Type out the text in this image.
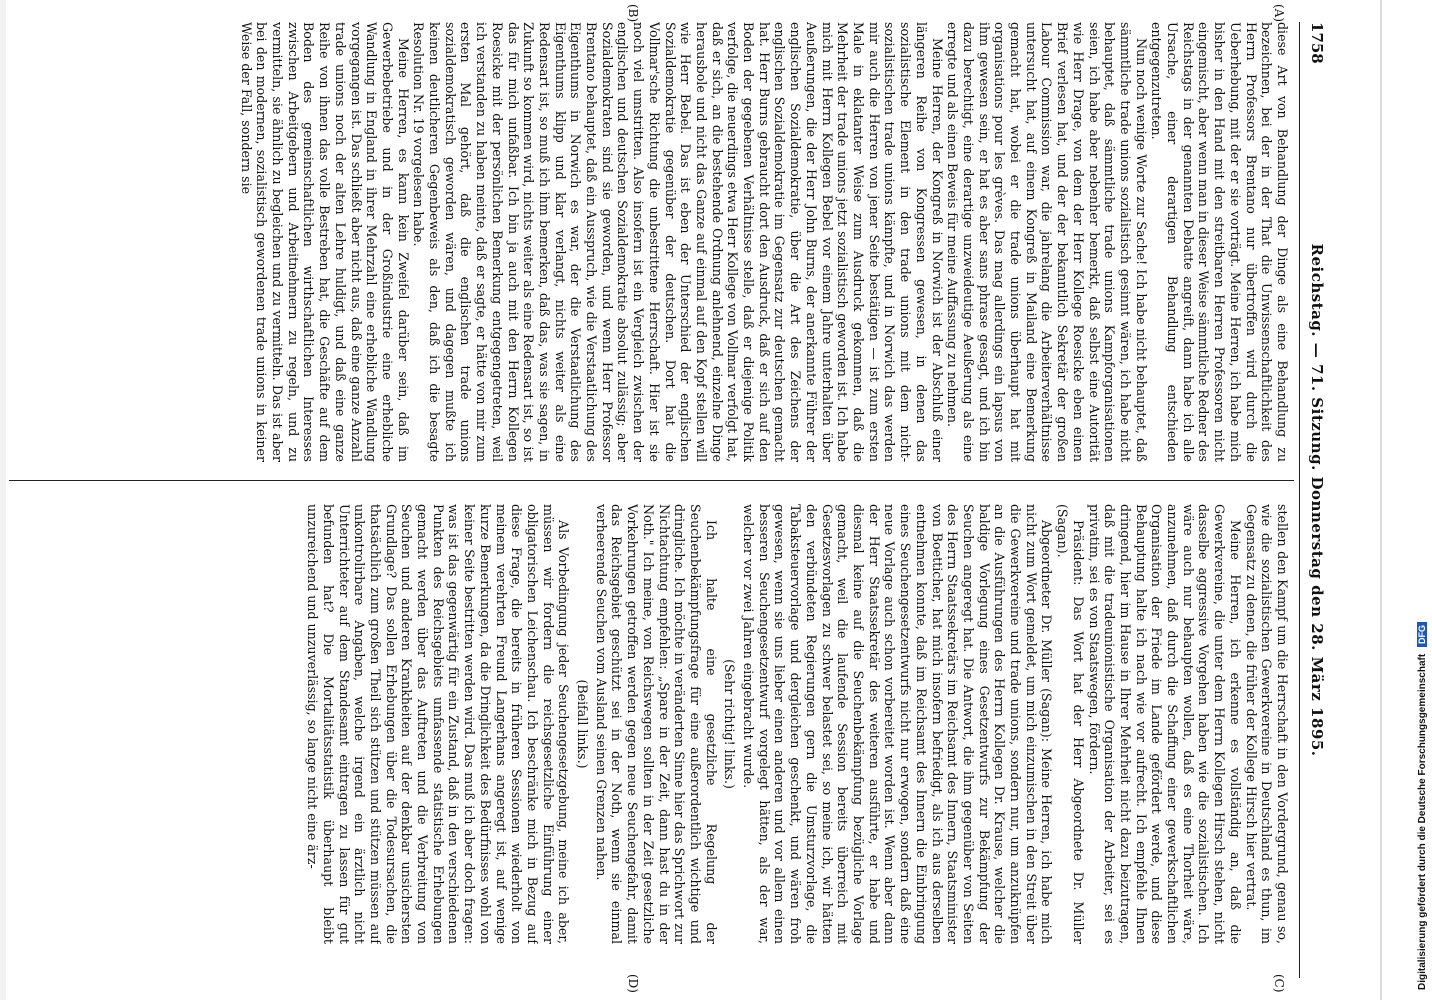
1758
Reichstag. — 71. Sitzung. Donnerstag den 28. März 1895.
(A)
(B)
(C)
(D)

diese Art von Behandlung der Dinge als eine Behandlung zu bezeichnen, bei der in der That die Unwissenschaftlichkeit des Herrn Professors Brentano nur übertroffen wird durch die Ueberhebung, mit der er sie vorträgt. Meine Herren, ich habe mich bisher in den Hand mit den streitbaren Herren Professoren nicht eingemischt, aber wenn man in dieser Weise sämmtliche Redner des Reichstags in der genannten Debatte angreift, dann habe ich alle Ursache, einer derartigen Behandlung entschieden entgegenzutreten.

Nun noch wenige Worte zur Sache! Ich habe nicht behauptet, daß sämmtliche trade unions sozialistisch gesinnt wären, ich habe nicht behauptet, daß sämmtliche trade unions Kampforganisationen seien, ich habe aber nebenher bemerkt, daß selbst eine Autorität wie Herr Drage, von dem der Herr Kollege Roesicke eben einen Brief verlesen hat, und der der bekanntlich Sekretär der großen Labour Commission war, die jahrelang die Arbeiterverhältnisse untersucht hat, auf einem Kongreß in Mailand eine Bemerkung gemacht hat, wobei er die trade unions überhaupt hat mit organisations pour les grèves. Das mag allerdings ein lapsus von ihm gewesen sein, er hat es aber sans phrase gesagt, und ich bin dazu berechtigt, eine derartige unzweideutige Aeußerung als eine erregte und als einen Beweis für meine Auffassung zu nehmen.

Meine Herren, der Kongreß in Norwich ist der Abschluß einer längeren Reihe von Kongressen gewesen, in denen das sozialistische Element in den trade unions mit dem nicht-sozialistischen trade unions kämpfte, und in Norwich das werden mir auch die Herren von jener Seite bestätigen — ist zum ersten Male in eklatanter Weise zum Ausdruck gekommen, daß die Mehrheit der trade unions jetzt sozialistisch geworden ist. Ich habe mich mit Herrn Kollegen Bebel vor einem Jahre unterhalten über Aeußerungen, die der Herr John Burns, der anerkannte Führer der englischen Sozialdemokratie, über die Art des Zeichens der englischen Sozialdemokratie im Gegensatz zur deutschen gemacht hat. Herr Burns gebraucht dort den Ausdruck, daß er sich auf den Boden der gegebenen Verhältnisse stelle, daß er diejenige Politik verfolge, die neuerdings etwa Herr Kollege von Vollmar verfolgt hat, daß er sich, an die bestehende Ordnung anlehnend, einzelne Dinge herausbole und nicht das Ganze auf einmal auf den Kopf stellen will wie Herr Bebel. Das ist eben der Unterschied der englischen Sozialdemokratie gegenüber der deutschen. Dort hat die Vollmar'sche Richtung die unbestrittene Herrschaft. Hier ist sie noch viel umstritten. Also insofern ist ein Vergleich zwischen der englischen und deutschen Sozialdemokratie absolut zulässig; aber Sozialdemokraten sind sie geworden, und wenn Herr Professor Brentano behauptet, daß ein Ausspruch, wie die Verstaatlichung des Eigenthums in Norwich es war, der die Verstaatlichung des Eigenthums klipp und klar verlangt, nichts weiter als eine Redensart ist, so muß ich ihm bemerken, daß das, was sie sagen, in Zukunft so kommen wird, nichts weiter als eine Redensart ist, so ist das für mich unfaßbar. Ich bin ja auch mit den Herrn Kollegen Roesicke mit der persönlichen Bemerkung entgegengetreten, weil ich verstanden zu haben meinte, daß er sagte, er hätte von mir zum ersten Mal gehört, daß die englischen trade unions sozialdemokratisch geworden wären, und dagegen mußte ich keinen deutlicheren Gegenbeweis als den, daß ich die besagte Resolution Nr. 19 vorgelesen habe.

Meine Herren, es kann kein Zweifel darüber sein, daß im Gewerbebetriebe und in der Großindustrie eine erhebliche Wandlung in England in ihrer Mehrzahl eine erhebliche Wandlung vorgegangen ist. Das schließt aber nicht aus, daß eine ganze Anzahl trade unions noch der alten Lehre huldigt, und daß eine ganze Reihe von ihnen das volle Bestreben hat, die Geschäfte auf dem Boden des gemeinschaftlichen wirthschaftlichen Interesses zwischen Arbeitgebern und Arbeitnehmern zu regeln, und zu vermitteln, sie ähnlich zu begleichen und zu vermitteln. Das ist aber bei den modernen, sozialistisch gewordenen trade unions in keiner Weise der Fall, sondern sie

stellen den Kampf um die Herrschaft in den Vordergrund, genau so, wie die sozialistischen Gewerkvereine in Deutschland es thun, im Gegensatz zu denen, die früher der Kollege Hirsch hier vertrat.

Meine Herren, ich erkenne es vollständig an, daß die Gewerkvereine, die unter dem Herrn Kollegen Hirsch stehen, nicht dasselbe aggressive Vorgehen haben wie die sozialistischen. Ich wäre auch nur behaupten wollen, daß es eine Thorheit wäre, anzunehmen, daß durch die Schaffung einer gewerkschaftlichen Organisation der Friede im Lande gefördert werde, und diese Behauptung halte ich nach wie vor aufrecht. Ich empfehle Ihnen dringend, hier im Hause in Ihrer Mehrheit nicht dazu beizutragen, daß mit die tradeunionistische Organisation der Arbeiter, sei es privatim, sei es von Staatswegen, fördern.

Präsident: Das Wort hat der Herr Abgeordnete Dr. Müller (Sagan).

Abgeordneter Dr. Müller (Sagan): Meine Herren, ich habe mich nicht zum Wort gemeldet, um mich einzumischen in den Streit über die Gewerkvereine und trade unions, sondern nur, um anzuknüpfen an die Ausführungen des Herrn Kollegen Dr. Krause, welcher die baldige Vorlegung eines Gesetzentwurfs zur Bekämpfung der Seuchen angeregt hat. Die Antwort, die ihm gegenüber von Seiten des Herrn Staatssekretärs im Reichsamt des Innern, Staatsminister von Boetticher, hat mich insofern befriedigt, als ich aus derselben entnehmen konnte, daß im Reichsamt des Innern die Einbringung eines Seuchengesetzentwurfs nicht nur erwogen, sondern daß eine neue Vorlage auch schon vorbereitet worden ist. Wenn aber dann der Herr Staatssekretär des weiteren ausführte, er habe und diesmal keine auf die Seuchenbekämpfung bezügliche Vorlage gemacht, weil die laufende Session bereits überreich mit Gesetzesvorlagen zu schwer belastet sei, so meine ich, wir hätten den verbündeten Regierungen gern die Umsturzvorlage, die Tabaksteuervorlage und dergleichen geschenkt, und wären froh gewesen, wenn sie uns lieber einen anderen und vor allem einen besseren Seuchengesetzentwurf vorgelegt hätten, als der war, welcher vor zwei Jahren eingebracht wurde.

(Sehr richtig! links.)

Ich halte eine gesetzliche Regelung der Seuchenbekämpfungsfrage für eine außerordentlich wichtige und dringliche. Ich möchte in veränderten Sinne hier das Sprichwort zur Nichtachtung empfehlen: „Spare in der Zeit, dann hast du in der Noth." Ich meine, von Reichswegen sollten in der Zeit gesetzliche Vorkehrungen getroffen werden gegen neue Seuchengefahr, damit das Reichsgebiet geschützt sei in der Noth, wenn sie einmal verheerende Seuchen vom Ausland seinen Grenzen nahen.

(Beifall links.)

Als Vorbedingung jeder Seuchengesetzgebung, meine ich aber, müssen wir fordern die reichsgesetzliche Einführung einer obligatorischen Leichenschau. Ich beschränke mich in Bezug auf diese Frage, die bereits in früheren Sessionen wiederholt von meinem verehrten Freund Langerhans angeregt ist, auf wenige kurze Bemerkungen, da die Dringlichkeit des Bedürfnisses wohl von keiner Seite bestritten werden wird. Das muß ich aber doch fragen: was ist das gegenwärtig für ein Zustand, daß in den verschiedenen Punkten des Reichsgebiets umfassende statistische Erhebungen gemacht werden über das Auftreten und die Verbreitung von Seuchen und anderen Krankheiten auf der denkbar unsichersten Grundlage? Das sollen Erhebungen über die Todesursachen, die thatsächlich zum großen Theil sich stützen und stützen müssen auf unkontrolirbare Angaben, welche irgend ein ärztlich nicht Unterrichteter auf dem Standesamt eintragen zu lassen für gut befunden hat? Die Mortalitätsstatistik überhaupt bleibt unzureichend und unzuverlässig, so lange nicht eine ärz-	Digitalisierung gefördert durch die Deutsche Forschungsgemeinschaft DFG
